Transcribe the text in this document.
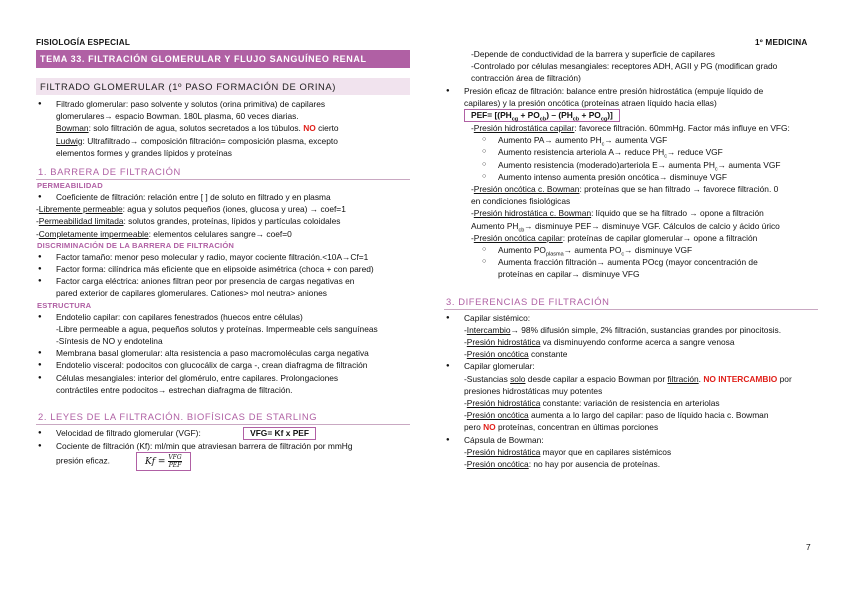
FISIOLOGÍA ESPECIAL	1º MEDICINA
TEMA 33. FILTRACIÓN GLOMERULAR Y FLUJO SANGUÍNEO RENAL
FILTRADO GLOMERULAR (1º PASO FORMACIÓN DE ORINA)
● Filtrado glomerular: paso solvente y solutos (orina primitiva) de capilares
glomerulares→ espacio Bowman. 180L plasma, 60 veces diarias.
Bowman: solo filtración de agua, solutos secretados a los túbulos. NO cierto
Ludwig: Ultrafiltrado→ composición filtración= composición plasma, excepto
elementos formes y grandes lípidos y proteínas
1. BARRERA DE FILTRACIÓN
PERMEABILIDAD
● Coeficiente de filtración: relación entre [ ] de soluto en filtrado y en plasma
-Libremente permeable: agua y solutos pequeños (iones, glucosa y urea) → coef=1
-Permeabilidad limitada: solutos grandes, proteínas, lípidos y partículas coloidales
-Completamente impermeable: elementos celulares sangre→ coef=0
DISCRIMINACIÓN DE LA BARRERA DE FILTRACIÓN
● Factor tamaño: menor peso molecular y radio, mayor cociente filtración.<10A→Cf=1
● Factor forma: cilíndrica más eficiente que en elipsoide asimétrica (choca + con pared)
● Factor carga eléctrica: aniones filtran peor por presencia de cargas negativas en
pared exterior de capilares glomerulares. Cationes> mol neutra> aniones
ESTRUCTURA
● Endotelio capilar: con capilares fenestrados (huecos entre células)
-Libre permeable a agua, pequeños solutos y proteínas. Impermeable cels sanguíneas
-Síntesis de NO y endotelina
● Membrana basal glomerular: alta resistencia a paso macromoléculas carga negativa
● Endotelio visceral: podocitos con glucocálix de carga -, crean diafragma de filtración
● Células mesangiales: interior del glomérulo, entre capilares. Prolongaciones
contráctiles entre podocitos→ estrechan diafragma de filtración.
2. LEYES DE LA FILTRACIÓN. BIOFÍSICAS DE STARLING
● Velocidad de filtrado glomerular (VGF):	VFG= Kf x PEF
● Cociente de filtración (Kf): ml/min que atraviesan barrera de filtración por mmHg
presión eficaz.	Kf = VFG
PEF
-Depende de conductividad de la barrera y superficie de capilares
-Controlado por células mesangiales: receptores ADH, AGII y PG (modifican grado
contracción área de filtración)
● Presión eficaz de filtración: balance entre presión hidrostática (empuje líquido de
capilares) y la presión oncótica (proteínas atraen líquido hacia ellas)
$PEF= [(PH_{cg} + PO_{cb}) - (PH_{cb} + PO_{cg})]$
-Presión hidrostática capilar: favorece filtración. 60mmHg. Factor más influye en VFG:
○ Aumento PA→ aumento $PH_c\to$ aumenta VGF
○ Aumento resistencia arteriola A→ reduce $PH_c\to$ reduce VGF
○ Aumento resistencia (moderado)arteriola E→ aumenta $PH_c\to$ aumenta VGF
○ Aumento intenso aumenta presión oncótica→ disminuye VGF
-Presión oncótica c. Bowman: proteínas que se han filtrado → favorece filtración. 0
en condiciones fisiológicas
-Presión hidrostática c. Bowman: líquido que se ha filtrado → opone a filtración
Aumento $PH_{cb}\to$ disminuye PEF→ disminuye VGF. Cálculos de calcio y ácido úrico
-Presión oncótica capilar: proteínas de capilar glomerular→ opone a filtración
○ Aumento $PO_{plasma}\to$ aumenta $PO_c\to$ disminuye VGF
○ Aumenta fracción filtración→ aumenta POcg (mayor concentración de
proteínas en capilar→ disminuye VFG
3. DIFERENCIAS DE FILTRACIÓN
● Capilar sistémico:
-Intercambio→ 98% difusión simple, 2% filtración, sustancias grandes por pinocitosis.
-Presión hidrostática va disminuyendo conforme acerca a sangre venosa
-Presión oncótica constante
● Capilar glomerular:
-Sustancias solo desde capilar a espacio Bowman por filtración. NO INTERCAMBIO por
presiones hidrostáticas muy potentes
-Presión hidrostática constante: variación de resistencia en arteriolas
-Presión oncótica aumenta a lo largo del capilar: paso de líquido hacia c. Bowman
pero NO proteínas, concentran en últimas porciones
● Cápsula de Bowman:
-Presión hidrostática mayor que en capilares sistémicos
-Presión oncótica: no hay por ausencia de proteínas.
7
